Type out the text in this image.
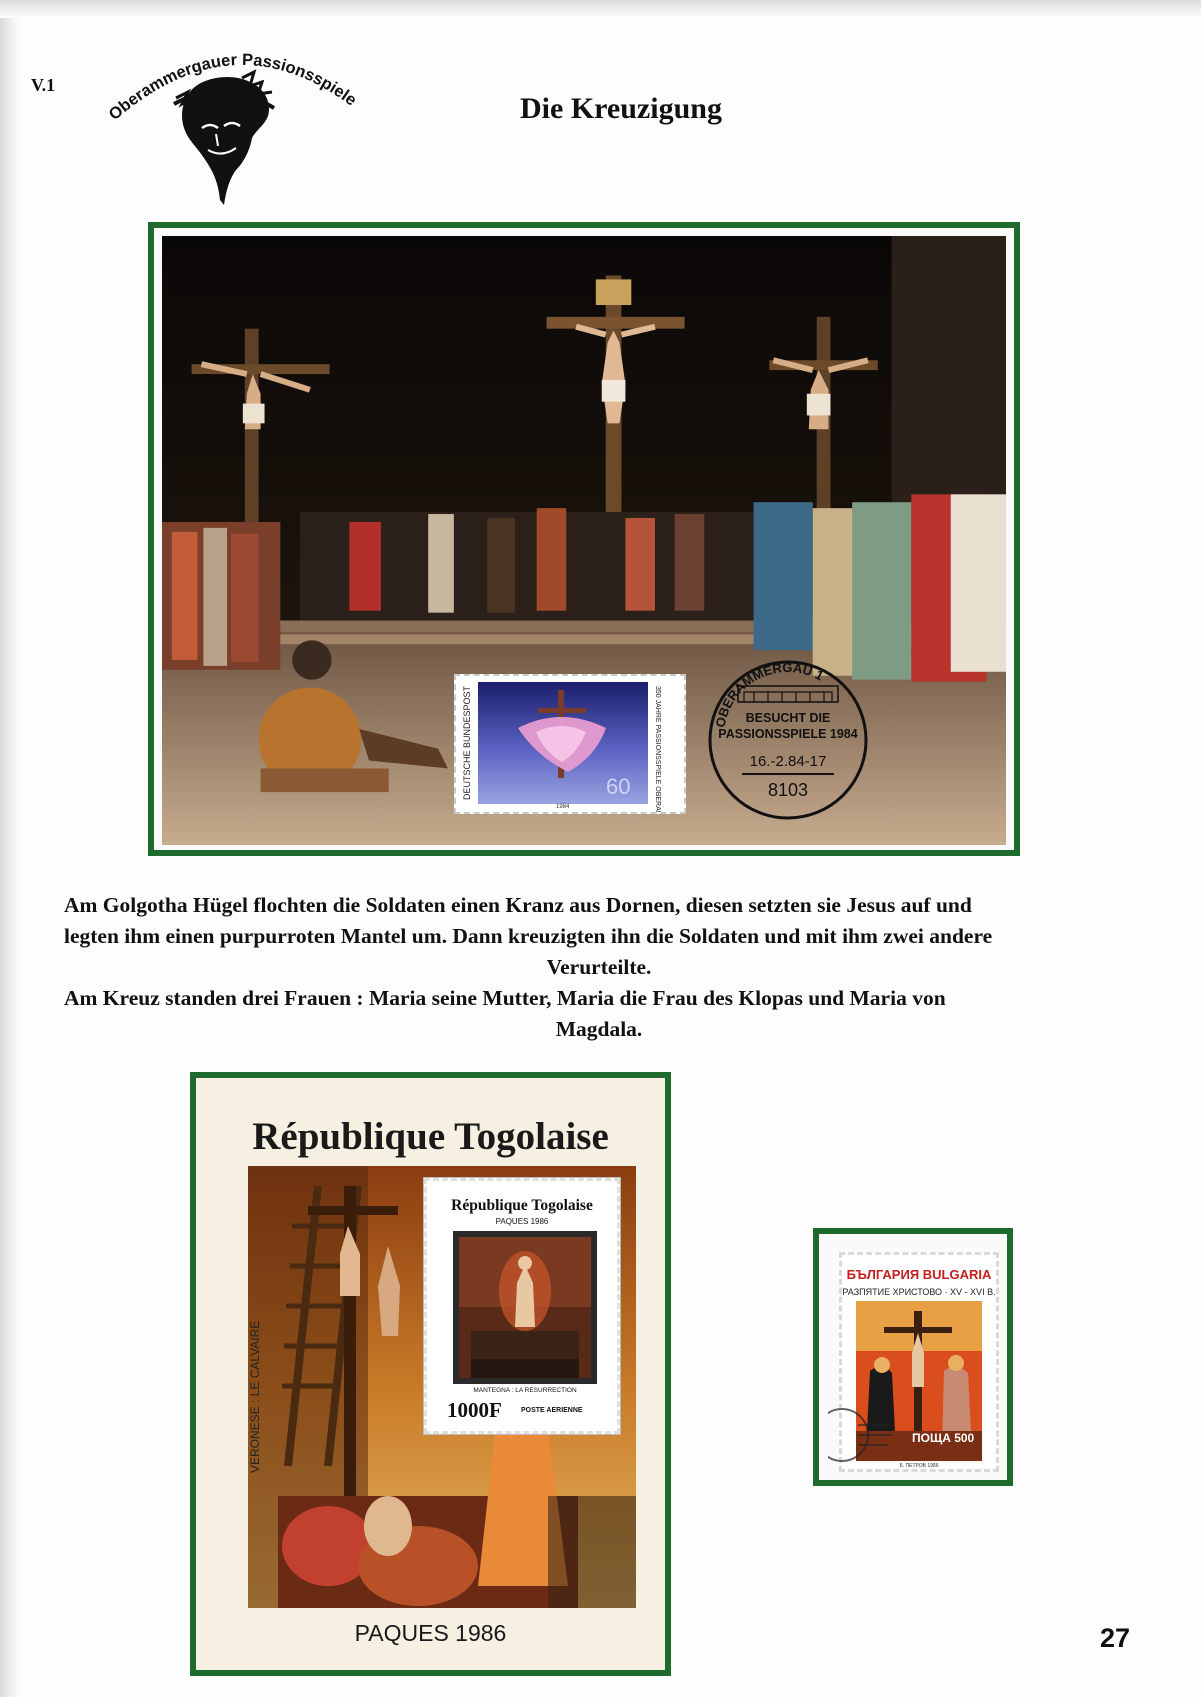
V.1
Oberammergauer Passionsspiele	Die Kreuzigung
60
1984
DEUTSCHE BUNDESPOST	350 JAHRE PASSIONSSPIELE OBERAMMERGAU	OBERAMMERGAU 1
BESUCHT DIE
PASSIONSSPIELE 1984
16.-2.84-17
8103

Am Golgotha Hügel flochten die Soldaten einen Kranz aus Dornen, diesen setzten sie Jesus auf und

legten ihm einen purpurroten Mantel um. Dann kreuzigten ihn die Soldaten und mit ihm zwei andere

Verurteilte.

Am Kreuz standen drei Frauen : Maria seine Mutter, Maria die Frau des Klopas und Maria von

Magdala.

République Togolaise
VERONESE : LE CALVAIRE
République Togolaise
PAQUES 1986
MANTEGNA : LA RESURRECTION
1000F	POSTE AERIENNE
PAQUES 1986
БЪЛГАРИЯ BULGARIA
РАЗПЯТИЕ ХРИСТОВО · XV - XVI В.
ПОЩА 500
Б. ПЕТРОВ 1986
27
